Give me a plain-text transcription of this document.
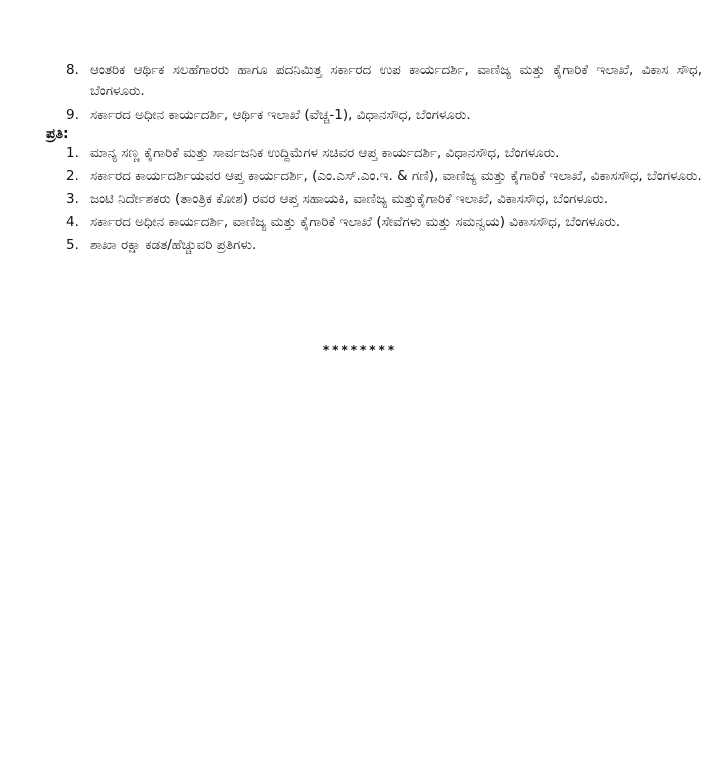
8. ಆಂತರಿಕ ಆರ್ಥಿಕ ಸಲಹೆಗಾರರು ಹಾಗೂ ಪದನಿಮಿತ್ತ ಸರ್ಕಾರದ ಉಪ ಕಾರ್ಯದರ್ಶಿ, ವಾಣಿಜ್ಯ ಮತ್ತು ಕೈಗಾರಿಕೆ ಇಲಾಖೆ, ವಿಕಾಸ ಸೌಧ, ಬೆಂಗಳೂರು.
9. ಸರ್ಕಾರದ ಅಧೀನ ಕಾರ್ಯದರ್ಶಿ, ಆರ್ಥಿಕ ಇಲಾಖೆ (ವೆಚ್ಚ-1), ವಿಧಾನಸೌಧ, ಬೆಂಗಳೂರು.
ಪ್ರತಿ:
1. ಮಾನ್ಯ ಸಣ್ಣ ಕೈಗಾರಿಕೆ ಮತ್ತು ಸಾರ್ವಜನಿಕ ಉದ್ದಿಮೆಗಳ ಸಚಿವರ ಆಪ್ತ ಕಾರ್ಯದರ್ಶಿ, ವಿಧಾನಸೌಧ, ಬೆಂಗಳೂರು.
2. ಸರ್ಕಾರದ ಕಾರ್ಯದರ್ಶಿಯವರ ಆಪ್ತ ಕಾರ್ಯದರ್ಶಿ, (ಎಂ.ಎಸ್.ಎಂ.ಇ. & ಗಣಿ), ವಾಣಿಜ್ಯ ಮತ್ತು ಕೈಗಾರಿಕೆ ಇಲಾಖೆ, ವಿಕಾಸಸೌಧ, ಬೆಂಗಳೂರು.
3. ಜಂಟಿ ನಿರ್ದೇಶಕರು (ತಾಂತ್ರಿಕ ಕೋಶ) ರವರ ಆಪ್ತ ಸಹಾಯಕಿ, ವಾಣಿಜ್ಯ ಮತ್ತುಕೈಗಾರಿಕೆ ಇಲಾಖೆ, ವಿಕಾಸಸೌಧ, ಬೆಂಗಳೂರು.
4. ಸರ್ಕಾರದ ಅಧೀನ ಕಾರ್ಯದರ್ಶಿ, ವಾಣಿಜ್ಯ ಮತ್ತು ಕೈಗಾರಿಕೆ ಇಲಾಖೆ (ಸೇವೆಗಳು ಮತ್ತು ಸಮನ್ವಯ) ವಿಕಾಸಸೌಧ, ಬೆಂಗಳೂರು.
5. ಶಾಖಾ ರಕ್ಷಾ ಕಡತ/ಹೆಚ್ಚುವರಿ ಪ್ರತಿಗಳು.
********
